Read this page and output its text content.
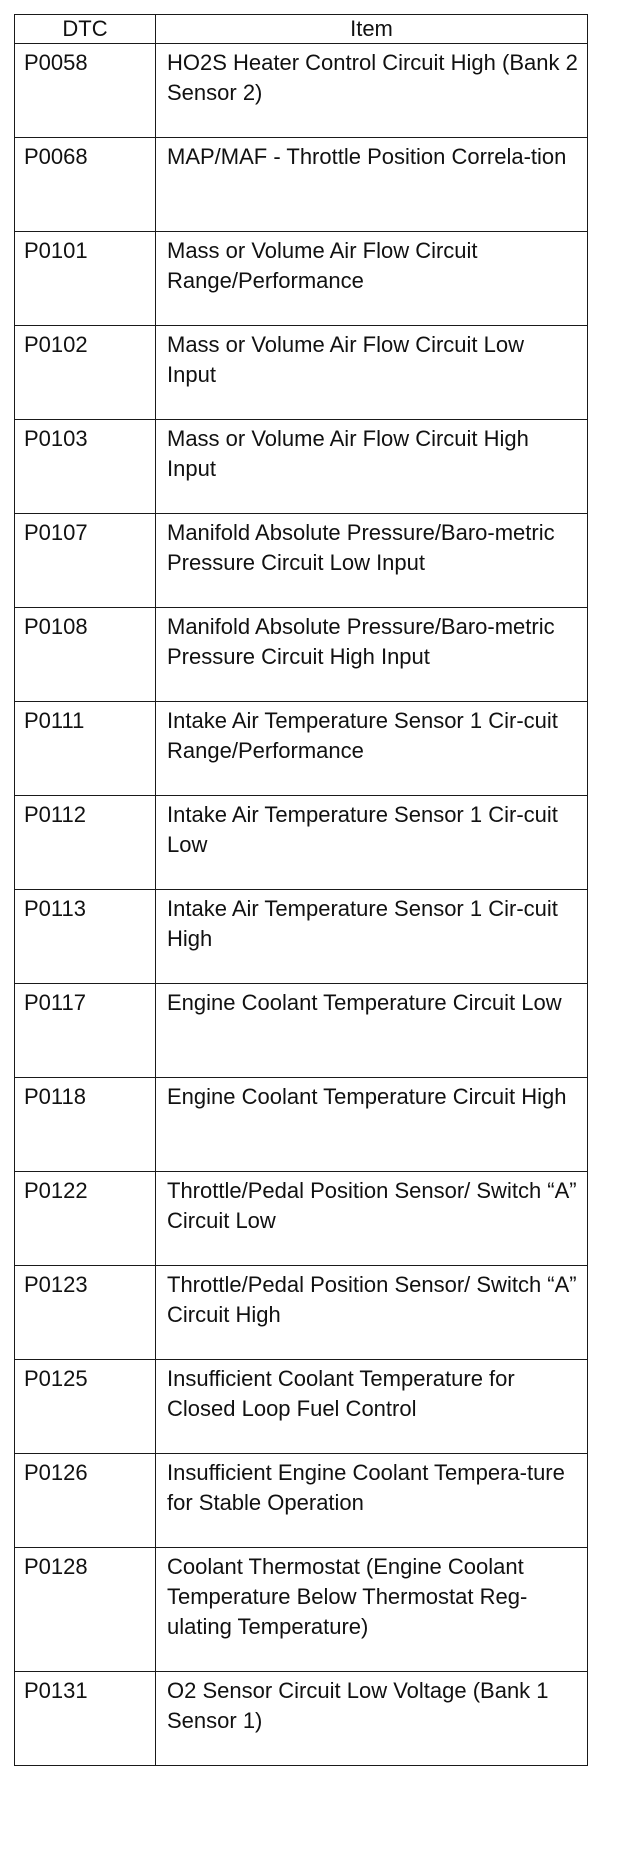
DTC	Item
P0058	HO2S Heater Control Circuit High (Bank 2 Sensor 2)
P0068	MAP/MAF - Throttle Position Correla-tion
P0101	Mass or Volume Air Flow Circuit Range/Performance
P0102	Mass or Volume Air Flow Circuit Low Input
P0103	Mass or Volume Air Flow Circuit High Input
P0107	Manifold Absolute Pressure/Baro-metric Pressure Circuit Low Input
P0108	Manifold Absolute Pressure/Baro-metric Pressure Circuit High Input
P0111	Intake Air Temperature Sensor 1 Cir-cuit Range/Performance
P0112	Intake Air Temperature Sensor 1 Cir-cuit Low
P0113	Intake Air Temperature Sensor 1 Cir-cuit High
P0117	Engine Coolant Temperature Circuit Low
P0118	Engine Coolant Temperature Circuit High
P0122	Throttle/Pedal Position Sensor/ Switch “A” Circuit Low
P0123	Throttle/Pedal Position Sensor/ Switch “A” Circuit High
P0125	Insufficient Coolant Temperature for Closed Loop Fuel Control
P0126	Insufficient Engine Coolant Tempera-ture for Stable Operation
P0128	Coolant Thermostat (Engine Coolant Temperature Below Thermostat Reg-ulating Temperature)
P0131	O2 Sensor Circuit Low Voltage (Bank 1 Sensor 1)
